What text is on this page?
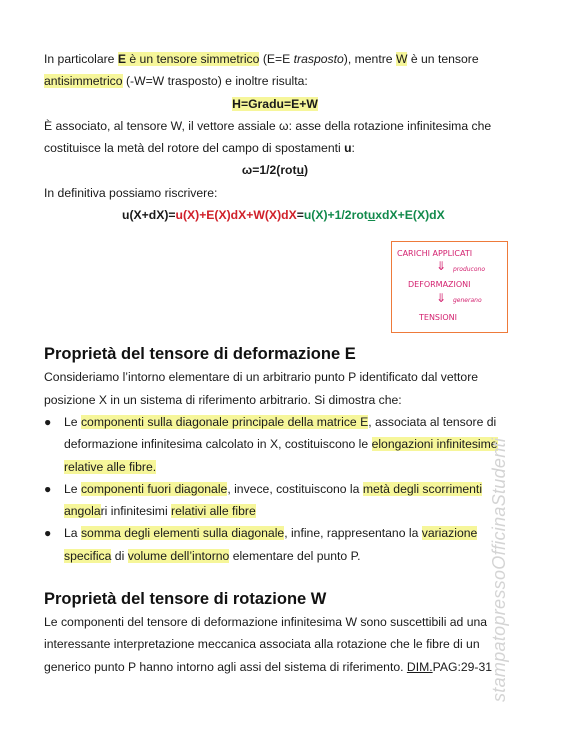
In particolare E è un tensore simmetrico (E=E trasposto), mentre W è un tensore
antisimmetrico (-W=W trasposto) e inoltre risulta:

H=Gradu=E+W

È associato, al tensore W, il vettore assiale ω: asse della rotazione infinitesima che
costituisce la metà del rotore del campo di spostamenti u:

ω=1/2(rotu)

In definitiva possiamo riscrivere:

u(X+dX)=u(X)+E(X)dX+W(X)dX=u(X)+1/2rotuxdX+E(X)dX

Proprietà del tensore di deformazione E

Consideriamo l’intorno elementare di un arbitrario punto P identificato dal vettore
posizione X in un sistema di riferimento arbitrario. Si dimostra che:

● Le componenti sulla diagonale principale della matrice E, associata al tensore di
deformazione infinitesima calcolato in X, costituiscono le elongazioni infinitesime
relative alle fibre.
● Le componenti fuori diagonale, invece, costituiscono la metà degli scorrimenti
angolari infinitesimi relativi alle fibre
● La somma degli elementi sulla diagonale, infine, rappresentano la variazione
specifica di volume dell’intorno elementare del punto P.
Proprietà del tensore di rotazione W

Le componenti del tensore di deformazione infinitesima W sono suscettibili ad una
interessante interpretazione meccanica associata alla rotazione che le fibre di un
generico punto P hanno intorno agli assi del sistema di riferimento. DIM.PAG:29-31

CARICHI APPLICATI
⇓ producono
DEFORMAZIONI
⇓ generano
TENSIONI
stampatopressoOfficinaStudenti
